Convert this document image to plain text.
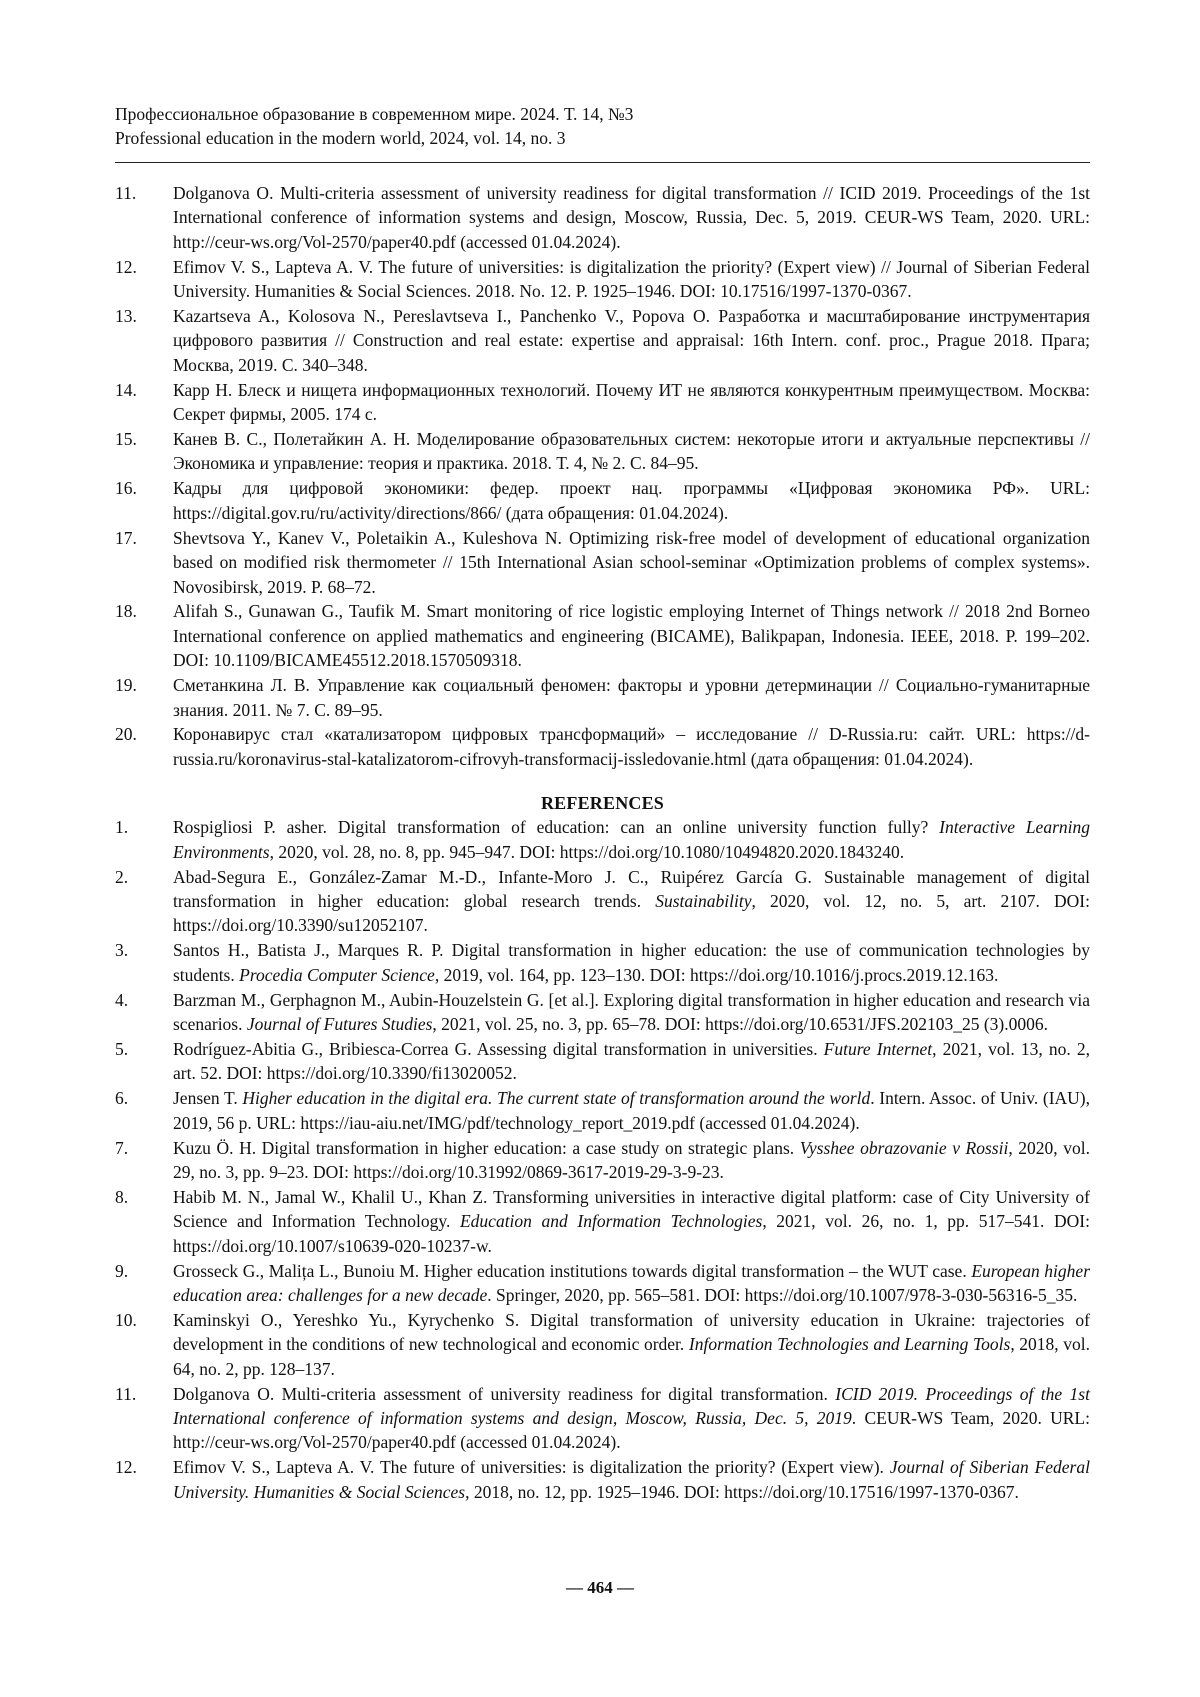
Профессиональное образование в современном мире. 2024. Т. 14, №3
Professional education in the modern world, 2024, vol. 14, no. 3
11.	Dolganova O. Multi-criteria assessment of university readiness for digital transformation // ICID 2019. Proceedings of the 1st International conference of information systems and design, Moscow, Russia, Dec. 5, 2019. CEUR-WS Team, 2020. URL: http://ceur-ws.org/Vol-2570/paper40.pdf (accessed 01.04.2024).
12.	Efimov V. S., Lapteva A. V. The future of universities: is digitalization the priority? (Expert view) // Journal of Siberian Federal University. Humanities & Social Sciences. 2018. No. 12. P. 1925–1946. DOI: 10.17516/1997-1370-0367.
13.	Kazartseva A., Kolosova N., Pereslavtseva I., Panchenko V., Popova O. Разработка и масштабирование инструментария цифрового развития // Construction and real estate: expertise and appraisal: 16th Intern. conf. proc., Prague 2018. Прага; Москва, 2019. С. 340–348.
14.	Карр Н. Блеск и нищета информационных технологий. Почему ИТ не являются конкурентным преимуществом. Москва: Секрет фирмы, 2005. 174 с.
15.	Канев В. С., Полетайкин А. Н. Моделирование образовательных систем: некоторые итоги и актуальные перспективы // Экономика и управление: теория и практика. 2018. Т. 4, № 2. С. 84–95.
16.	Кадры для цифровой экономики: федер. проект нац. программы «Цифровая экономика РФ». URL: https://digital.gov.ru/ru/activity/directions/866/ (дата обращения: 01.04.2024).
17.	Shevtsova Y., Kanev V., Poletaikin A., Kuleshova N. Optimizing risk-free model of development of educational organization based on modified risk thermometer // 15th International Asian school-seminar «Optimization problems of complex systems». Novosibirsk, 2019. P. 68–72.
18.	Alifah S., Gunawan G., Taufik M. Smart monitoring of rice logistic employing Internet of Things network // 2018 2nd Borneo International conference on applied mathematics and engineering (BICAME), Balikpapan, Indonesia. IEEE, 2018. P. 199–202. DOI: 10.1109/BICAME45512.2018.1570509318.
19.	Сметанкина Л. В. Управление как социальный феномен: факторы и уровни детерминации // Социально-гуманитарные знания. 2011. № 7. С. 89–95.
20.	Коронавирус стал «катализатором цифровых трансформаций» – исследование // D-Russia.ru: сайт. URL: https://d-russia.ru/koronavirus-stal-katalizatorom-cifrovyh-transformacij-issledovanie.html (дата обращения: 01.04.2024).
REFERENCES
1.	Rospigliosi P. asher. Digital transformation of education: can an online university function fully? Interactive Learning Environments, 2020, vol. 28, no. 8, pp. 945–947. DOI: https://doi.org/10.1080/10494820.2020.1843240.
2.	Abad-Segura E., González-Zamar M.-D., Infante-Moro J. C., Ruipérez García G. Sustainable management of digital transformation in higher education: global research trends. Sustainability, 2020, vol. 12, no. 5, art. 2107. DOI: https://doi.org/10.3390/su12052107.
3.	Santos H., Batista J., Marques R. P. Digital transformation in higher education: the use of communication technologies by students. Procedia Computer Science, 2019, vol. 164, pp. 123–130. DOI: https://doi.org/10.1016/j.procs.2019.12.163.
4.	Barzman M., Gerphagnon M., Aubin-Houzelstein G. [et al.]. Exploring digital transformation in higher education and research via scenarios. Journal of Futures Studies, 2021, vol. 25, no. 3, pp. 65–78. DOI: https://doi.org/10.6531/JFS.202103_25 (3).0006.
5.	Rodríguez-Abitia G., Bribiesca-Correa G. Assessing digital transformation in universities. Future Internet, 2021, vol. 13, no. 2, art. 52. DOI: https://doi.org/10.3390/fi13020052.
6.	Jensen T. Higher education in the digital era. The current state of transformation around the world. Intern. Assoc. of Univ. (IAU), 2019, 56 p. URL: https://iau-aiu.net/IMG/pdf/technology_report_2019.pdf (accessed 01.04.2024).
7.	Kuzu Ö. H. Digital transformation in higher education: a case study on strategic plans. Vysshee obrazovanie v Rossii, 2020, vol. 29, no. 3, pp. 9–23. DOI: https://doi.org/10.31992/0869-3617-2019-29-3-9-23.
8.	Habib M. N., Jamal W., Khalil U., Khan Z. Transforming universities in interactive digital platform: case of City University of Science and Information Technology. Education and Information Technologies, 2021, vol. 26, no. 1, pp. 517–541. DOI: https://doi.org/10.1007/s10639-020-10237-w.
9.	Grosseck G., Malița L., Bunoiu M. Higher education institutions towards digital transformation – the WUT case. European higher education area: challenges for a new decade. Springer, 2020, pp. 565–581. DOI: https://doi.org/10.1007/978-3-030-56316-5_35.
10.	Kaminskyi O., Yereshko Yu., Kyrychenko S. Digital transformation of university education in Ukraine: trajectories of development in the conditions of new technological and economic order. Information Technologies and Learning Tools, 2018, vol. 64, no. 2, pp. 128–137.
11.	Dolganova O. Multi-criteria assessment of university readiness for digital transformation. ICID 2019. Proceedings of the 1st International conference of information systems and design, Moscow, Russia, Dec. 5, 2019. CEUR-WS Team, 2020. URL: http://ceur-ws.org/Vol-2570/paper40.pdf (accessed 01.04.2024).
12.	Efimov V. S., Lapteva A. V. The future of universities: is digitalization the priority? (Expert view). Journal of Siberian Federal University. Humanities & Social Sciences, 2018, no. 12, pp. 1925–1946. DOI: https://doi.org/10.17516/1997-1370-0367.
— 464 —
